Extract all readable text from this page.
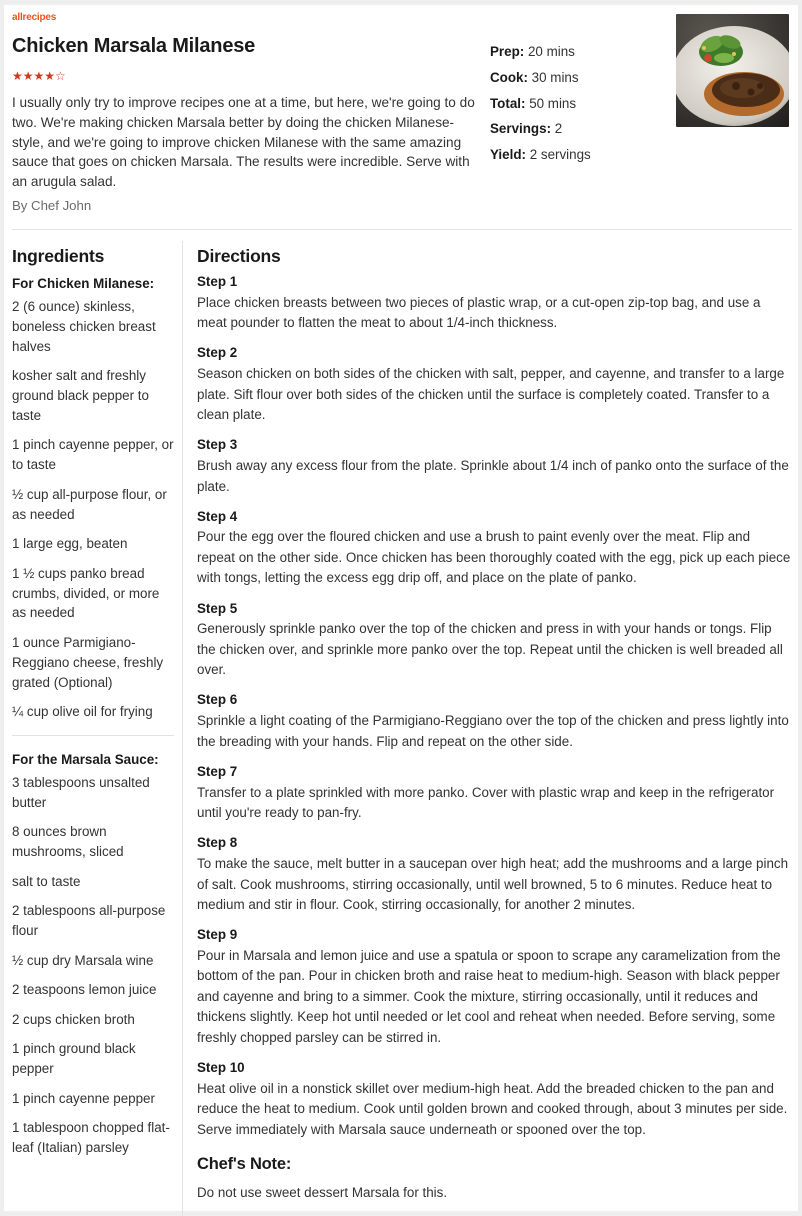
allrecipes
Chicken Marsala Milanese
★★★★☆

I usually only try to improve recipes one at a time, but here, we're going to do two. We're making chicken Marsala better by doing the chicken Milanese-style, and we're going to improve chicken Milanese with the same amazing sauce that goes on chicken Marsala. The results were incredible. Serve with an arugula salad.

By Chef John
Prep: 20 mins
Cook: 30 mins
Total: 50 mins
Servings: 2
Yield: 2 servings
Ingredients
For Chicken Milanese:
2 (6 ounce) skinless, boneless chicken breast halves
kosher salt and freshly ground black pepper to taste
1 pinch cayenne pepper, or to taste
½ cup all-purpose flour, or as needed
1 large egg, beaten
1 ½ cups panko bread crumbs, divided, or more as needed
1 ounce Parmigiano-Reggiano cheese, freshly grated (Optional)
¼ cup olive oil for frying
For the Marsala Sauce:
3 tablespoons unsalted butter
8 ounces brown mushrooms, sliced
salt to taste
2 tablespoons all-purpose flour
½ cup dry Marsala wine
2 teaspoons lemon juice
2 cups chicken broth
1 pinch ground black pepper
1 pinch cayenne pepper
1 tablespoon chopped flat-leaf (Italian) parsley
Directions
Step 1
Place chicken breasts between two pieces of plastic wrap, or a cut-open zip-top bag, and use a meat pounder to flatten the meat to about 1/4-inch thickness.
Step 2
Season chicken on both sides of the chicken with salt, pepper, and cayenne, and transfer to a large plate. Sift flour over both sides of the chicken until the surface is completely coated. Transfer to a clean plate.
Step 3
Brush away any excess flour from the plate. Sprinkle about 1/4 inch of panko onto the surface of the plate.
Step 4
Pour the egg over the floured chicken and use a brush to paint evenly over the meat. Flip and repeat on the other side. Once chicken has been thoroughly coated with the egg, pick up each piece with tongs, letting the excess egg drip off, and place on the plate of panko.
Step 5
Generously sprinkle panko over the top of the chicken and press in with your hands or tongs. Flip the chicken over, and sprinkle more panko over the top. Repeat until the chicken is well breaded all over.
Step 6
Sprinkle a light coating of the Parmigiano-Reggiano over the top of the chicken and press lightly into the breading with your hands. Flip and repeat on the other side.
Step 7
Transfer to a plate sprinkled with more panko. Cover with plastic wrap and keep in the refrigerator until you're ready to pan-fry.
Step 8
To make the sauce, melt butter in a saucepan over high heat; add the mushrooms and a large pinch of salt. Cook mushrooms, stirring occasionally, until well browned, 5 to 6 minutes. Reduce heat to medium and stir in flour. Cook, stirring occasionally, for another 2 minutes.
Step 9
Pour in Marsala and lemon juice and use a spatula or spoon to scrape any caramelization from the bottom of the pan. Pour in chicken broth and raise heat to medium-high. Season with black pepper and cayenne and bring to a simmer. Cook the mixture, stirring occasionally, until it reduces and thickens slightly. Keep hot until needed or let cool and reheat when needed. Before serving, some freshly chopped parsley can be stirred in.
Step 10
Heat olive oil in a nonstick skillet over medium-high heat. Add the breaded chicken to the pan and reduce the heat to medium. Cook until golden brown and cooked through, about 3 minutes per side. Serve immediately with Marsala sauce underneath or spooned over the top.
Chef's Note:
Do not use sweet dessert Marsala for this.
